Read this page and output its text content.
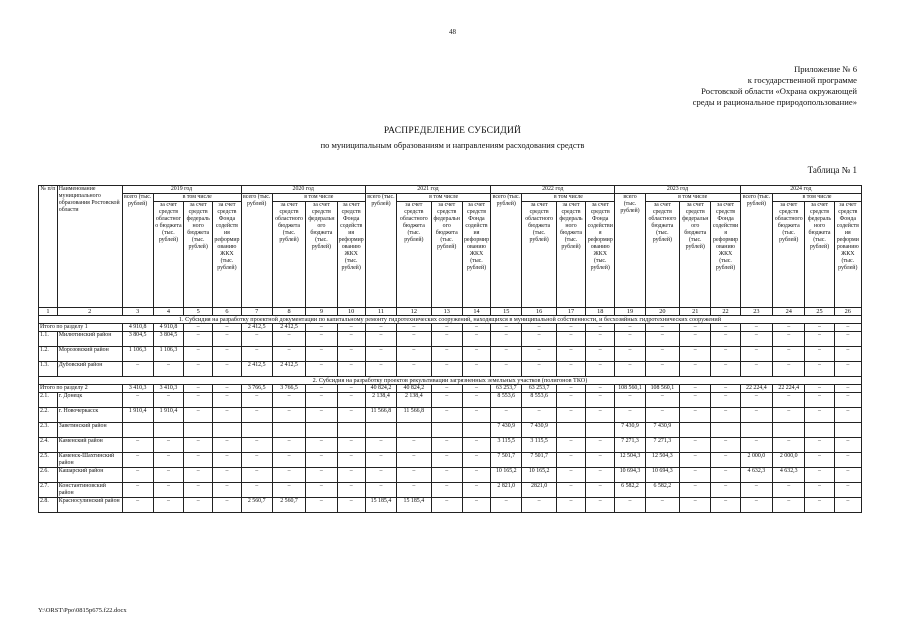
48
Приложение № 6
к государственной программе
Ростовской области «Охрана окружающей
среды и рациональное природопользование»
РАСПРЕДЕЛЕНИЕ СУБСИДИЙ
по муниципальным образованиям и направлениям расходования средств
Таблица № 1
№ п/п	Наименование муниципального образования Ростовской области	2019 год				2020 год				2021 год				2022 год				2023 год				2024 год			
		всего (тыс. рублей)	в том числе			всего (тыс. рублей)	в том числе			всего (тыс. рублей)	в том числе			всего (тыс. рублей)	в том числе			всего (тыс. рублей)	в том числе			всего (тыс. рублей)	в том числе		
			за счет средств областного бюджета (тыс. рублей)	за счет средств федерального бюджета (тыс. рублей)	за счет средств Фонда содействия реформированию ЖКХ (тыс. рублей)		за счет средств областного бюджета (тыс. рублей)	за счет средств федерального бюджета (тыс. рублей)	за счет средств Фонда содействия реформированию ЖКХ (тыс. рублей)		за счет средств областного бюджета (тыс. рублей)	за счет средств федерального бюджета (тыс. рублей)	за счет средств Фонда содействия реформированию ЖКХ (тыс. рублей)		за счет средств областного бюджета (тыс. рублей)	за счет средств федерального бюджета (тыс. рублей)	за счет средств Фонда содействия реформированию ЖКХ (тыс. рублей)		за счет средств областного бюджета (тыс. рублей)	за счет средств федерального бюджета (тыс. рублей)	за счет средств Фонда содействия реформированию ЖКХ (тыс. рублей)		за счет средств областного бюджета (тыс. рублей)	за счет средств федерального бюджета (тыс. рублей)	за счет средств Фонда содействия реформированию ЖКХ (тыс. рублей)
1	2	3	4	5	6	7	8	9	10	11	12	13	14	15	16	17	18	19	20	21	22	23	24	25	26
1. Субсидия на разработку проектной документации по капитальному ремонту гидротехнических сооружений, находящихся в муниципальной собственности, и бесхозяйных гидротехнических сооружений																									
Итого по разделу 1		4 910,8	4 910,8	–	–	2 412,5	2 412,5	–	–	–	–	–	–	–	–	–	–	–	–	–	–	–	–	–	–
1.1.	Милютинский район	3 804,5	3 804,5	–	–	–	–	–	–	–	–	–	–	–	–	–	–	–	–	–	–	–	–	–	–
1.2.	Морозовский район	1 106,3	1 106,3	–	–	–	–	–	–	–	–	–	–	–	–	–	–	–	–	–	–	–	–	–	–
1.3.	Дубовский район	–	–	–	–	2 412,5	2 412,5	–	–	–	–	–	–	–	–	–	–	–	–	–	–	–	–	–	–
2. Субсидия на разработку проектов рекультивации загрязненных земельных участков (полигонов ТКО)																									
Итого по разделу 2		3 410,3	3 410,3	–	–	3 766,5	3 766,5	–	–	40 824,2	40 824,2	–	–	63 253,7	63 253,7	–	–	108 560,1	108 560,1	–	–	22 224,4	22 224,4	–	–
2.1.	г. Донецк	–	–	–	–	–	–	–	–	2 138,4	2 138,4	–	–	8 553,6	8 553,6	–	–	–	–	–	–	–	–	–	–
2.2.	г. Новочеркасск	1 910,4	1 910,4	–	–	–	–	–	–	11 566,8	11 566,8	–	–	–	–	–	–	–	–	–	–	–	–	–	–
2.3.	Заветинский район													7 430,9	7 430,9			7 430,9	7 430,9						
2.4.	Каменский район	–	–	–	–	–	–	–	–	–	–	–	–	3 115,5	3 115,5	–	–	7 271,3	7 271,3	–	–	–	–	–	–
2.5.	Каменск-Шахтинский район	–	–	–	–	–	–	–	–	–	–	–	–	7 501,7	7 501,7	–	–	12 504,3	12 504,3	–	–	2 000,0	2 000,0	–	–
2.6.	Кашарский район	–	–	–	–	–	–	–	–	–	–	–	–	10 165,2	10 165,2	–	–	10 694,3	10 694,3	–	–	4 632,3	4 632,3	–	–
2.7.	Константиновский район	–	–	–	–	–	–	–	–	–	–	–	–	2 821,0	2821,0	–	–	6 582,2	6 582,2	–	–	–	–	–	–
2.8.	Красносулинский район	–	–	–	–	2 560,7	2 560,7	–	–	15 185,4	15 185,4	–	–	–	–	–	–	–	–	–	–	–	–	–	–
Y:\ORST\Ppo\0815p675.f22.docx
